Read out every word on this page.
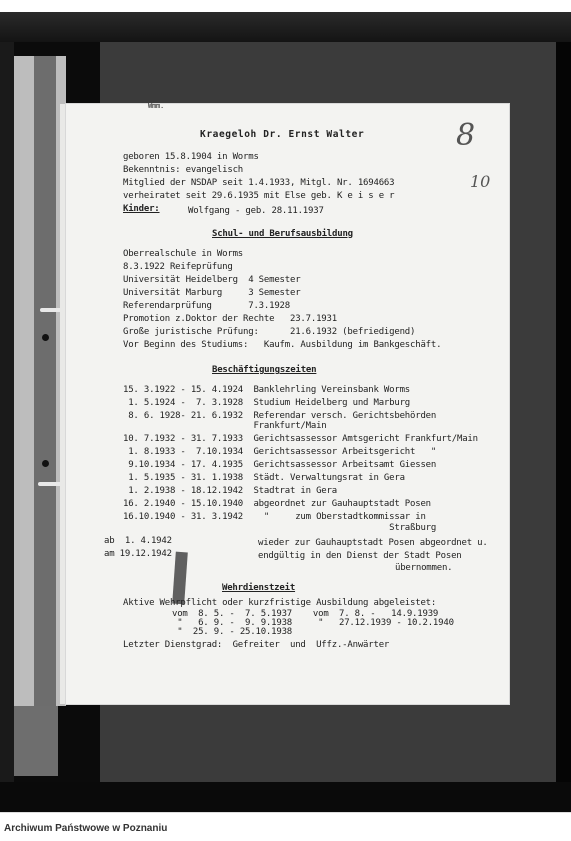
Wmm.
8
10
Kraegeloh Dr. Ernst Walter
geboren 15.8.1904 in Worms
Bekenntnis: evangelisch
Mitglied der NSDAP seit 1.4.1933, Mitgl. Nr. 1694663
verheiratet seit 29.6.1935 mit Else geb. K e i s e r
Kinder:	Wolfgang - geb. 28.11.1937
Schul- und Berufsausbildung
Oberrealschule in Worms
8.3.1922 Reifeprüfung
Universität Heidelberg  4 Semester
Universität Marburg     3 Semester
Referendarprüfung       7.3.1928
Promotion z.Doktor der Rechte   23.7.1931
Große juristische Prüfung:      21.6.1932 (befriedigend)
Vor Beginn des Studiums:   Kaufm. Ausbildung im Bankgeschäft.
Beschäftigungszeiten
15. 3.1922 - 15. 4.1924  Banklehrling Vereinsbank Worms
1. 5.1924 -  7. 3.1928  Studium Heidelberg und Marburg
8. 6. 1928- 21. 6.1932  Referendar versch. Gerichtsbehörden
Frankfurt/Main
10. 7.1932 - 31. 7.1933  Gerichtsassessor Amtsgericht Frankfurt/Main
1. 8.1933 -  7.10.1934  Gerichtsassessor Arbeitsgericht   "
9.10.1934 - 17. 4.1935  Gerichtsassessor Arbeitsamt Giessen
1. 5.1935 - 31. 1.1938  Städt. Verwaltungsrat in Gera
1. 2.1938 - 18.12.1942  Stadtrat in Gera
16. 2.1940 - 15.10.1940  abgeordnet zur Gauhauptstadt Posen
16.10.1940 - 31. 3.1942    "     zum Oberstadtkommissar in
Straßburg
ab  1. 4.1942	wieder zur Gauhauptstadt Posen abgeordnet u.
am 19.12.1942	endgültig in den Dienst der Stadt Posen
übernommen.
Wehrdienstzeit
Aktive Wehrpflicht oder kurzfristige Ausbildung abgeleistet:
vom  8. 5. -  7. 5.1937    vom  7. 8. -   14.9.1939
"   6. 9. -  9. 9.1938     "   27.12.1939 - 10.2.1940
"  25. 9. - 25.10.1938
Letzter Dienstgrad:  Gefreiter  und  Uffz.-Anwärter
Archiwum Państwowe w Poznaniu
